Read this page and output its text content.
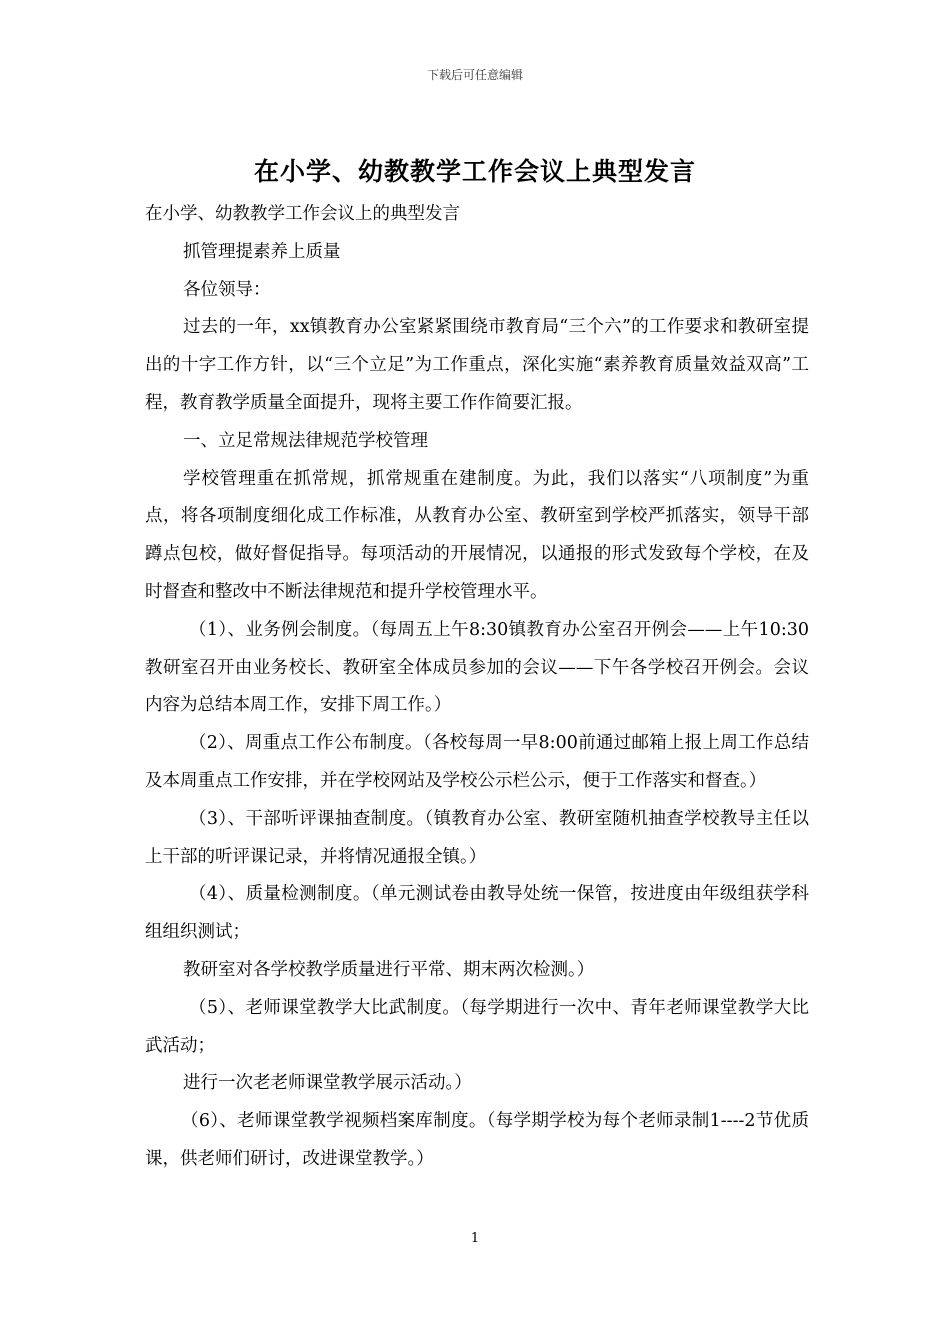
下载后可任意编辑
在小学、幼教教学工作会议上典型发言

在小学、幼教教学工作会议上的典型发言

抓管理提素养上质量

各位领导：

过去的一年，xx镇教育办公室紧紧围绕市教育局“三个六”的工作要求和教研室提出的十字工作方针，以“三个立足”为工作重点，深化实施“素养教育质量效益双高”工程，教育教学质量全面提升，现将主要工作作简要汇报。

一、立足常规法律规范学校管理

学校管理重在抓常规，抓常规重在建制度。为此，我们以落实“八项制度”为重点，将各项制度细化成工作标准，从教育办公室、教研室到学校严抓落实，领导干部蹲点包校，做好督促指导。每项活动的开展情况，以通报的形式发致每个学校，在及时督查和整改中不断法律规范和提升学校管理水平。

（1）、业务例会制度。（每周五上午8:30镇教育办公室召开例会——上午10:30教研室召开由业务校长、教研室全体成员参加的会议——下午各学校召开例会。会议内容为总结本周工作，安排下周工作。）

（2）、周重点工作公布制度。（各校每周一早8:00前通过邮箱上报上周工作总结及本周重点工作安排，并在学校网站及学校公示栏公示，便于工作落实和督查。）

（3）、干部听评课抽查制度。（镇教育办公室、教研室随机抽查学校教导主任以上干部的听评课记录，并将情况通报全镇。）

（4）、质量检测制度。（单元测试卷由教导处统一保管，按进度由年级组获学科组组织测试；

教研室对各学校教学质量进行平常、期末两次检测。）

（5）、老师课堂教学大比武制度。（每学期进行一次中、青年老师课堂教学大比武活动；

进行一次老老师课堂教学展示活动。）

（6）、老师课堂教学视频档案库制度。（每学期学校为每个老师录制1----2节优质课，供老师们研讨，改进课堂教学。）

1
